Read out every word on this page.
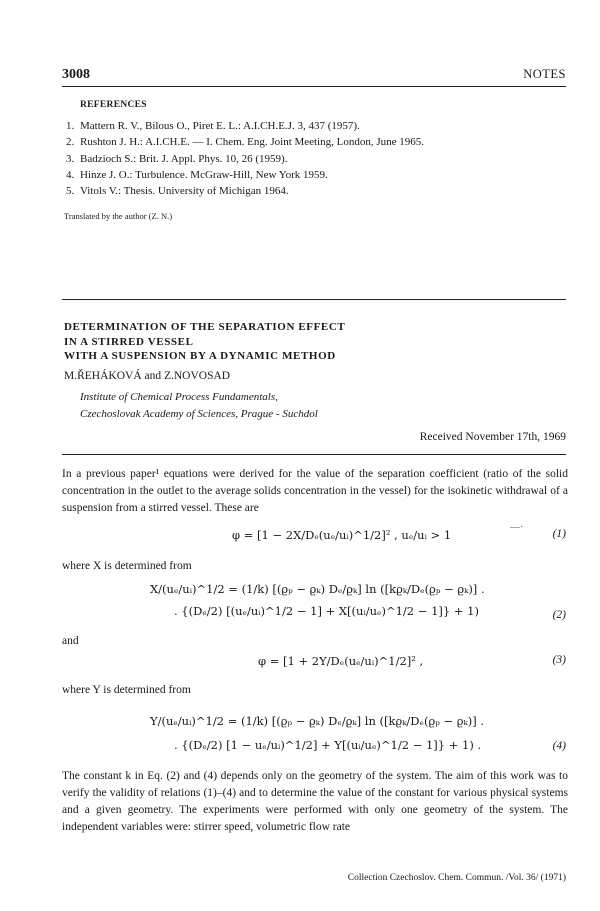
3008	NOTES
REFERENCES
1. Mattern R. V., Bilous O., Piret E. L.: A.I.CH.E.J. 3, 437 (1957).
2. Rushton J. H.: A.I.CH.E. — I. Chem. Eng. Joint Meeting, London, June 1965.
3. Badzioch S.: Brit. J. Appl. Phys. 10, 26 (1959).
4. Hinze J. O.: Turbulence. McGraw-Hill, New York 1959.
5. Vitols V.: Thesis. University of Michigan 1964.
Translated by the author (Z. N.)
DETERMINATION OF THE SEPARATION EFFECT
IN A STIRRED VESSEL
WITH A SUSPENSION BY A DYNAMIC METHOD
M.ŘEHÁKOVÁ and Z.NOVOSAD
Institute of Chemical Process Fundamentals,
Czechoslovak Academy of Sciences, Prague - Suchdol
Received November 17th, 1969
In a previous paper¹ equations were derived for the value of the separation coefficient (ratio of the solid concentration in the outlet to the average solids concentration in the vessel) for the isokinetic withdrawal of a suspension from a stirred vessel. These are
—·
φ = [1 − 2X/Dₑ(uₑ/uᵢ)^1/2]² , uₑ/uᵢ > 1	(1)
where X is determined from
X/(uₑ/uᵢ)^1/2 = (1/k) [(ϱₚ − ϱₖ) Dₑ/ϱₖ] ln ([kϱₖ/Dₑ(ϱₚ − ϱₖ)] .
. {(Dₑ/2) [(uₑ/uᵢ)^1/2 − 1] + X[(uᵢ/uₑ)^1/2 − 1]} + 1)	(2)
and
φ = [1 + 2Y/Dₑ(uₑ/uᵢ)^1/2]² ,	(3)
where Y is determined from
Y/(uₑ/uᵢ)^1/2 = (1/k) [(ϱₚ − ϱₖ) Dₑ/ϱₖ] ln ([kϱₖ/Dₑ(ϱₚ − ϱₖ)] .
. {(Dₑ/2) [1 − uₑ/uᵢ)^1/2] + Y[(uᵢ/uₑ)^1/2 − 1]} + 1) .	(4)
The constant k in Eq. (2) and (4) depends only on the geometry of the system. The aim of this work was to verify the validity of relations (1)–(4) and to determine the value of the constant for various physical systems and a given geometry. The experiments were performed with only one geometry of the system. The independent variables were: stirrer speed, volumetric flow rate
Collection Czechoslov. Chem. Commun. /Vol. 36/ (1971)
